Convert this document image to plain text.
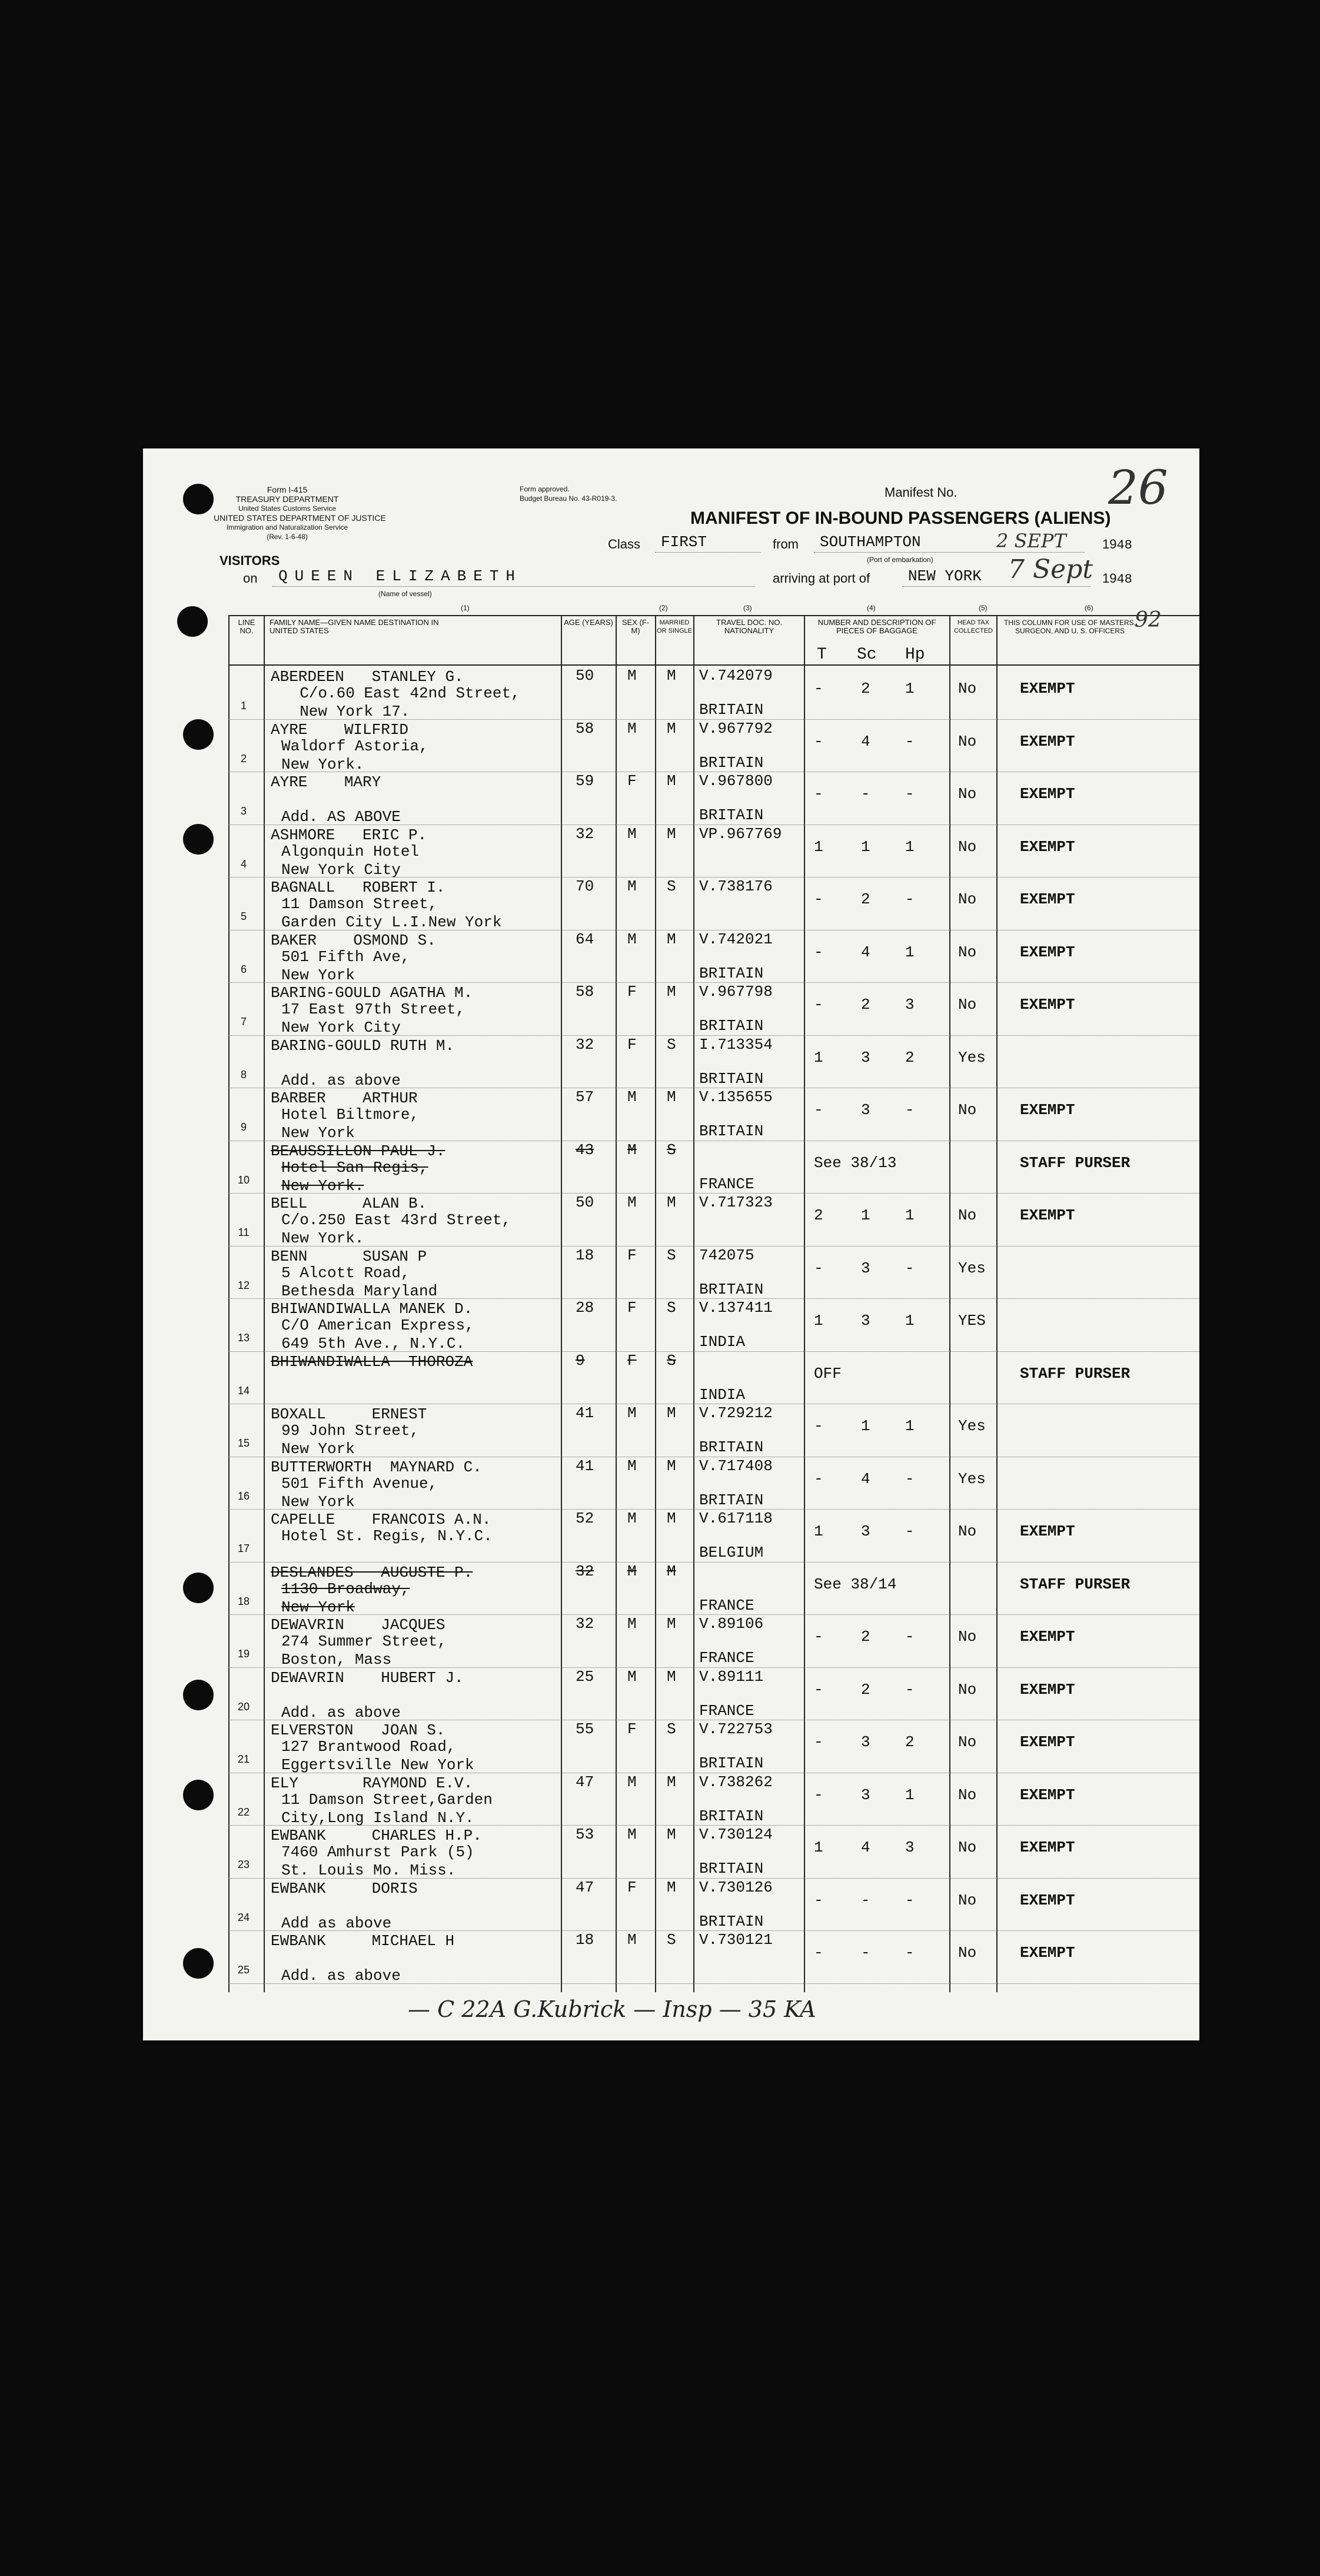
Form I-415
TREASURY DEPARTMENT
United States Customs Service
UNITED STATES DEPARTMENT OF JUSTICE
Immigration and Naturalization Service
(Rev. 1-6-48)
VISITORS
Form approved.
Budget Bureau No. 43-R019-3.	Manifest No.	26
MANIFEST OF IN-BOUND PASSENGERS (ALIENS)
Class FIRST	from SOUTHAMPTON	2 SEPT	1948
(Port of embarkation)
on QUEEN ELIZABETH
(Name of vessel)
arriving at port of NEW YORK 7 Sept 1948
(1)	(2)	(3)	(4)	(5)	(6)
LINE NO.
FAMILY NAME—GIVEN NAME DESTINATION IN UNITED STATES
AGE (YEARS)	SEX (F-M)
MARRIED OR SINGLE
TRAVEL DOC. NO. NATIONALITY
NUMBER AND DESCRIPTION OF PIECES OF BAGGAGE
HEAD TAX COLLECTED
THIS COLUMN FOR USE OF MASTERS, SURGEON, AND U. S. OFFICERS 92
T Sc Hp
1
ABERDEEN   STANLEY G.
C/o.60 East 42nd Street,
New York 17.
50 M M V.742079
BRITAIN
- 2 1	No	EXEMPT
2
AYRE    WILFRID
Waldorf Astoria,
New York.
58 M M V.967792
BRITAIN
- 4 -	No	EXEMPT
3
AYRE    MARY

Add. AS ABOVE
59 F M V.967800
BRITAIN
- - -	No	EXEMPT
4
ASHMORE   ERIC P.
Algonquin Hotel
New York City
32 M M VP.967769
1 1 1	No	EXEMPT
5
BAGNALL   ROBERT I.
11 Damson Street,
Garden City L.I.New York
70 M S V.738176
- 2 -	No	EXEMPT
6
BAKER    OSMOND S.
501 Fifth Ave,
New York
64 M M V.742021
BRITAIN
- 4 1	No	EXEMPT
7
BARING-GOULD AGATHA M.
17 East 97th Street,
New York City
58 F M V.967798
BRITAIN
- 2 3	No	EXEMPT
8
BARING-GOULD RUTH M.

Add. as above
32 F S I.713354
BRITAIN
1 3 2	Yes
9
BARBER    ARTHUR
Hotel Biltmore,
New York
57 M M V.135655
BRITAIN
- 3 -	No	EXEMPT
10
BEAUSSILLON PAUL J.
Hotel San Regis,
New York.
43 M S
FRANCE
See 38/13	STAFF PURSER
11
BELL      ALAN B.
C/o.250 East 43rd Street,
New York.
50 M M V.717323
2 1 1	No	EXEMPT
12
BENN      SUSAN P
5 Alcott Road,
Bethesda Maryland
18 F S 742075
BRITAIN
- 3 -	Yes
13
BHIWANDIWALLA MANEK D.
C/O American Express,
649 5th Ave., N.Y.C.
28 F S V.137411
INDIA
1 3 1	YES
14
BHIWANDIWALLA  THOROZA	9	F S
INDIA
OFF	STAFF PURSER
15
BOXALL     ERNEST
99 John Street,
New York
41 M M V.729212
BRITAIN
- 1 1	Yes
16
BUTTERWORTH  MAYNARD C.
501 Fifth Avenue,
New York
41 M M V.717408
BRITAIN
- 4 -	Yes
17
CAPELLE    FRANCOIS A.N.
Hotel St. Regis, N.Y.C.
52 M M V.617118
BELGIUM
1 3 -	No	EXEMPT
18
DESLANDES   AUGUSTE P.
1130 Broadway,
New York
32 M M
FRANCE
See 38/14	STAFF PURSER
19
DEWAVRIN    JACQUES
274 Summer Street,
Boston, Mass
32 M M V.89106
FRANCE
- 2 -	No	EXEMPT
20
DEWAVRIN    HUBERT J.

Add. as above
25 M M V.89111
FRANCE
- 2 -	No	EXEMPT
21
ELVERSTON   JOAN S.
127 Brantwood Road,
Eggertsville New York
55 F S V.722753
BRITAIN
- 3 2	No	EXEMPT
22
ELY       RAYMOND E.V.
11 Damson Street,Garden
City,Long Island N.Y.
47 M M V.738262
BRITAIN
- 3 1	No	EXEMPT
23
EWBANK     CHARLES H.P.
7460 Amhurst Park (5)
St. Louis Mo. Miss.
53 M M V.730124
BRITAIN
1 4 3	No	EXEMPT
24
EWBANK     DORIS

Add as above
47 F M V.730126
BRITAIN
- - -	No	EXEMPT
25
EWBANK     MICHAEL H

Add. as above
18 M S V.730121
- - -	No	EXEMPT
— C 22A G.Kubrick — Insp — 35 KA
